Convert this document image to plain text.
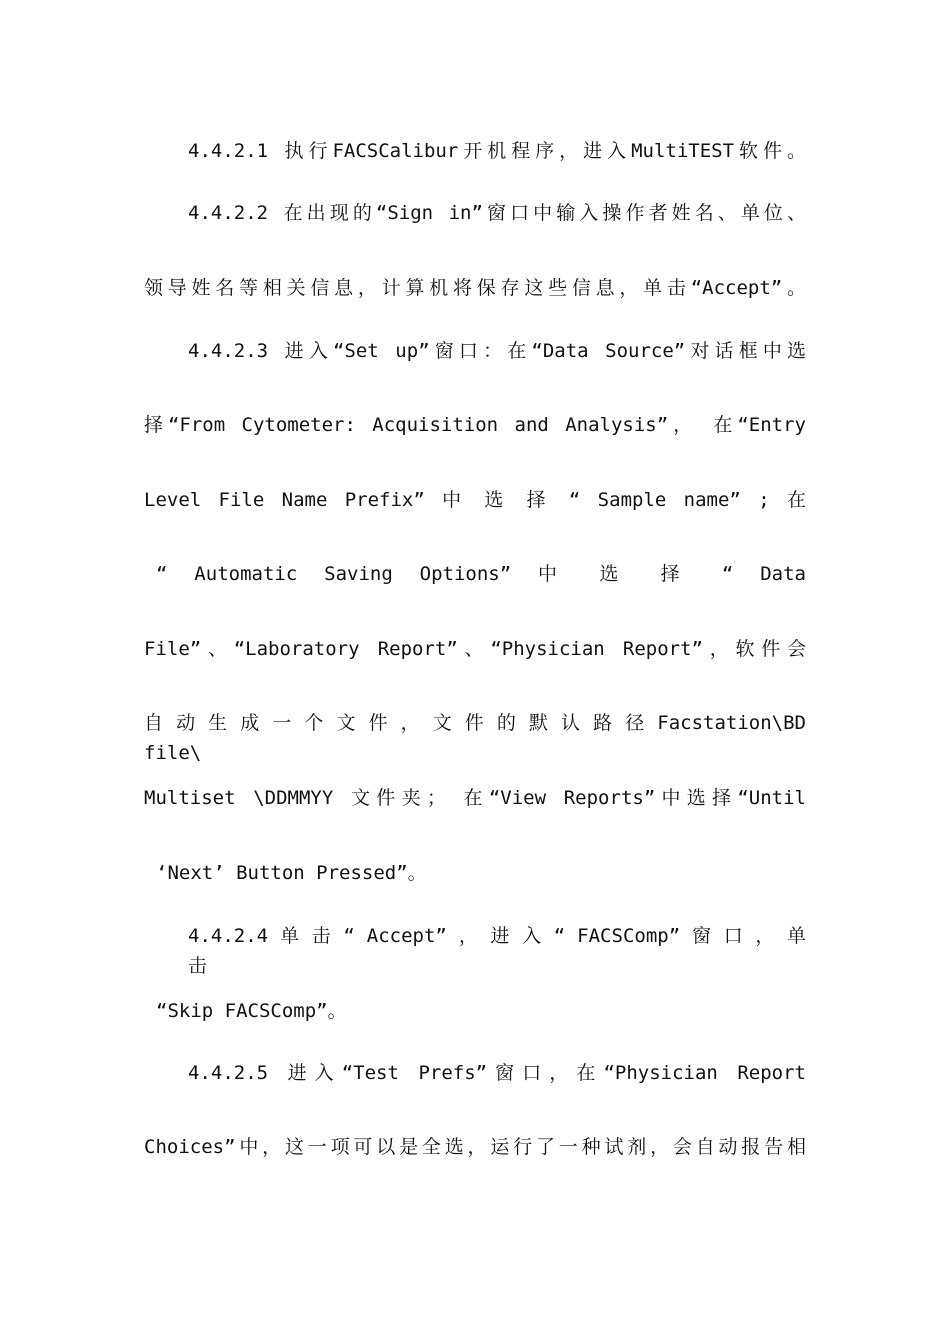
4.4.2.1 执行FACSCalibur开机程序，进入MultiTEST软件。
4.4.2.2 在出现的“Sign in”窗口中输入操作者姓名、单位、
领导姓名等相关信息，计算机将保存这些信息，单击“Accept”。
4.4.2.3 进入“Set up”窗口：在“Data Source”对话框中选
择“From Cytometer: Acquisition and Analysis”， 在“Entry
Level File Name Prefix” 中 选 择 “ Sample name” ; 在
“ Automatic Saving Options” 中 选 择 “ Data
File”、“Laboratory Report”、“Physician Report”，软件会
自 动 生 成 一 个 文 件 ， 文 件 的 默 认 路 径 Facstation\BD file\
Multiset \DDMMYY 文件夹； 在“View Reports”中选择“Until
‘Next’ Button Pressed”。
4.4.2.4 单 击 “ Accept” ， 进 入 “ FACSComp” 窗 口 ， 单 击
“Skip FACSComp”。
4.4.2.5 进入“Test Prefs”窗口，在“Physician Report
Choices”中，这一项可以是全选，运行了一种试剂，会自动报告相
